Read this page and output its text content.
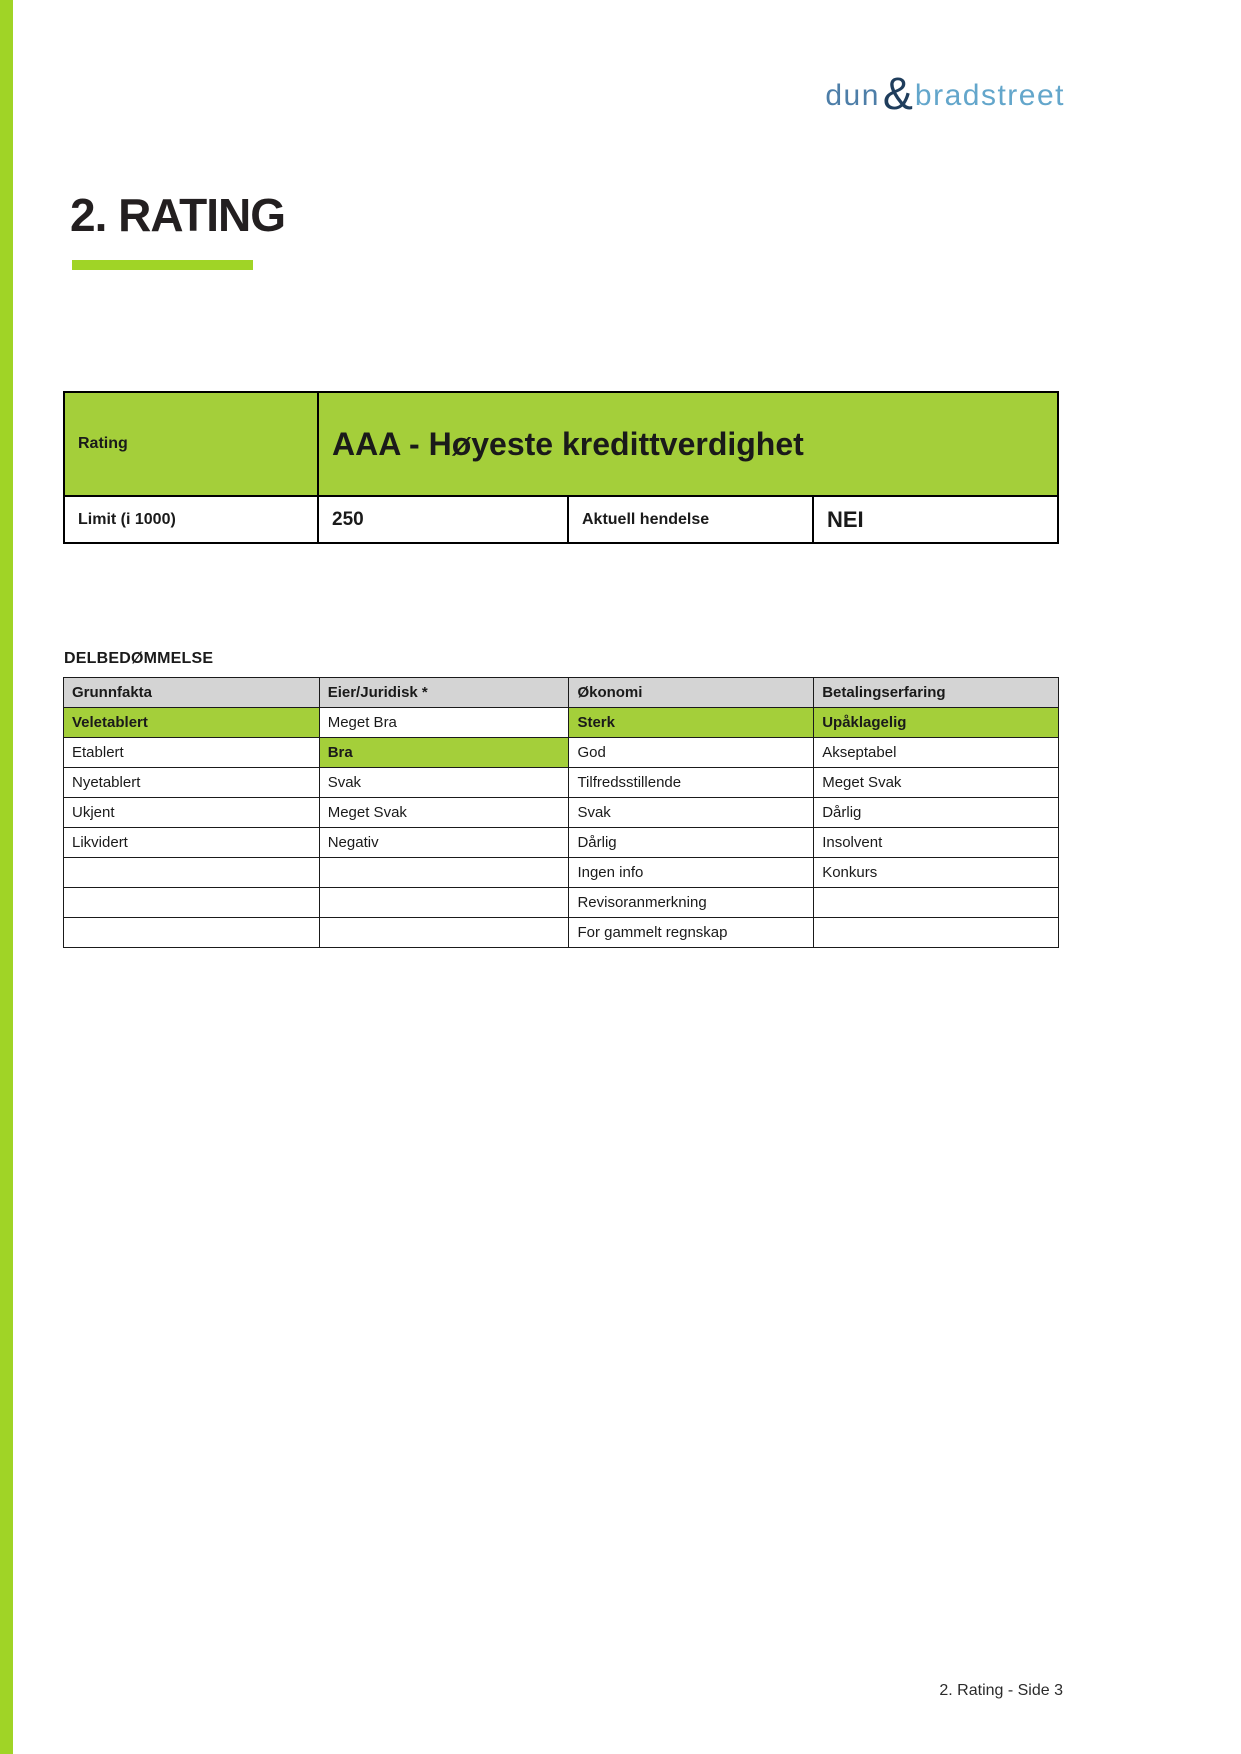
dun & bradstreet
2. RATING
Rating	AAA - Høyeste kredittverdighet
Limit (i 1000)	250	Aktuell hendelse	NEI
DELBEDØMMELSE
Grunnfakta	Eier/Juridisk *	Økonomi	Betalingserfaring
Veletablert	Meget Bra	Sterk	Upåklagelig
Etablert	Bra	God	Akseptabel
Nyetablert	Svak	Tilfredsstillende	Meget Svak
Ukjent	Meget Svak	Svak	Dårlig
Likvidert	Negativ	Dårlig	Insolvent
		Ingen info	Konkurs
		Revisoranmerkning	
		For gammelt regnskap	
2. Rating - Side 3
